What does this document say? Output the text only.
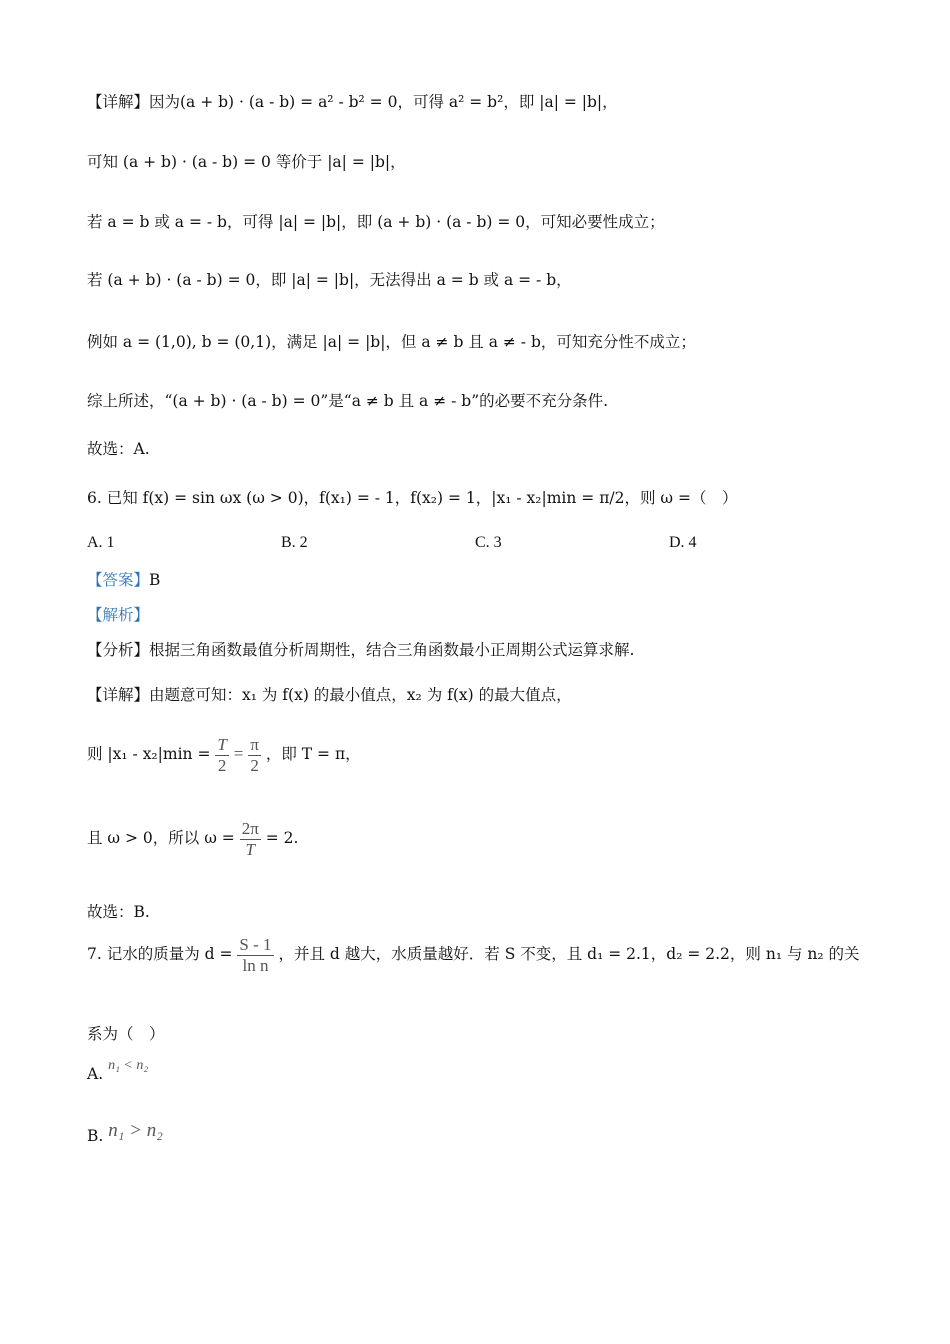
【详解】因为(a + b) · (a - b) = a² - b² = 0，可得 a² = b²，即 |a| = |b|，
可知 (a + b) · (a - b) = 0 等价于 |a| = |b|，
若 a = b 或 a = - b，可得 |a| = |b|，即 (a + b) · (a - b) = 0，可知必要性成立；
若 (a + b) · (a - b) = 0，即 |a| = |b|，无法得出 a = b 或 a = - b，
例如 a = (1,0), b = (0,1)，满足 |a| = |b|，但 a ≠ b 且 a ≠ - b，可知充分性不成立；
综上所述，“(a + b) · (a - b) = 0”是“a ≠ b 且 a ≠ - b”的必要不充分条件.
故选：A.
6. 已知 f(x) = sin ωx (ω > 0)，f(x₁) = - 1，f(x₂) = 1，|x₁ - x₂|min = π/2，则 ω =（　）
A. 1	B. 2	C. 3	D. 4
【答案】B
【解析】
【分析】根据三角函数最值分析周期性，结合三角函数最小正周期公式运算求解.
【详解】由题意可知：x₁ 为 f(x) 的最小值点，x₂ 为 f(x) 的最大值点，
则 $|x_1 - x_2|\min = \frac{T}{2} = \frac{\pi}{2}$ ，即 T = π，
且 ω > 0，所以 $\omega = \frac{2\pi}{T} = 2$.
故选：B.
7. 记水的质量为 $d = \frac{S - 1}{\text{ln n}}$ ，并且 d 越大，水质量越好．若 S 不变，且 d₁ = 2.1，d₂ = 2.2，则 n₁ 与 n₂ 的关
系为（　）
A. n₁ < n₂
B. n₁ > n₂
